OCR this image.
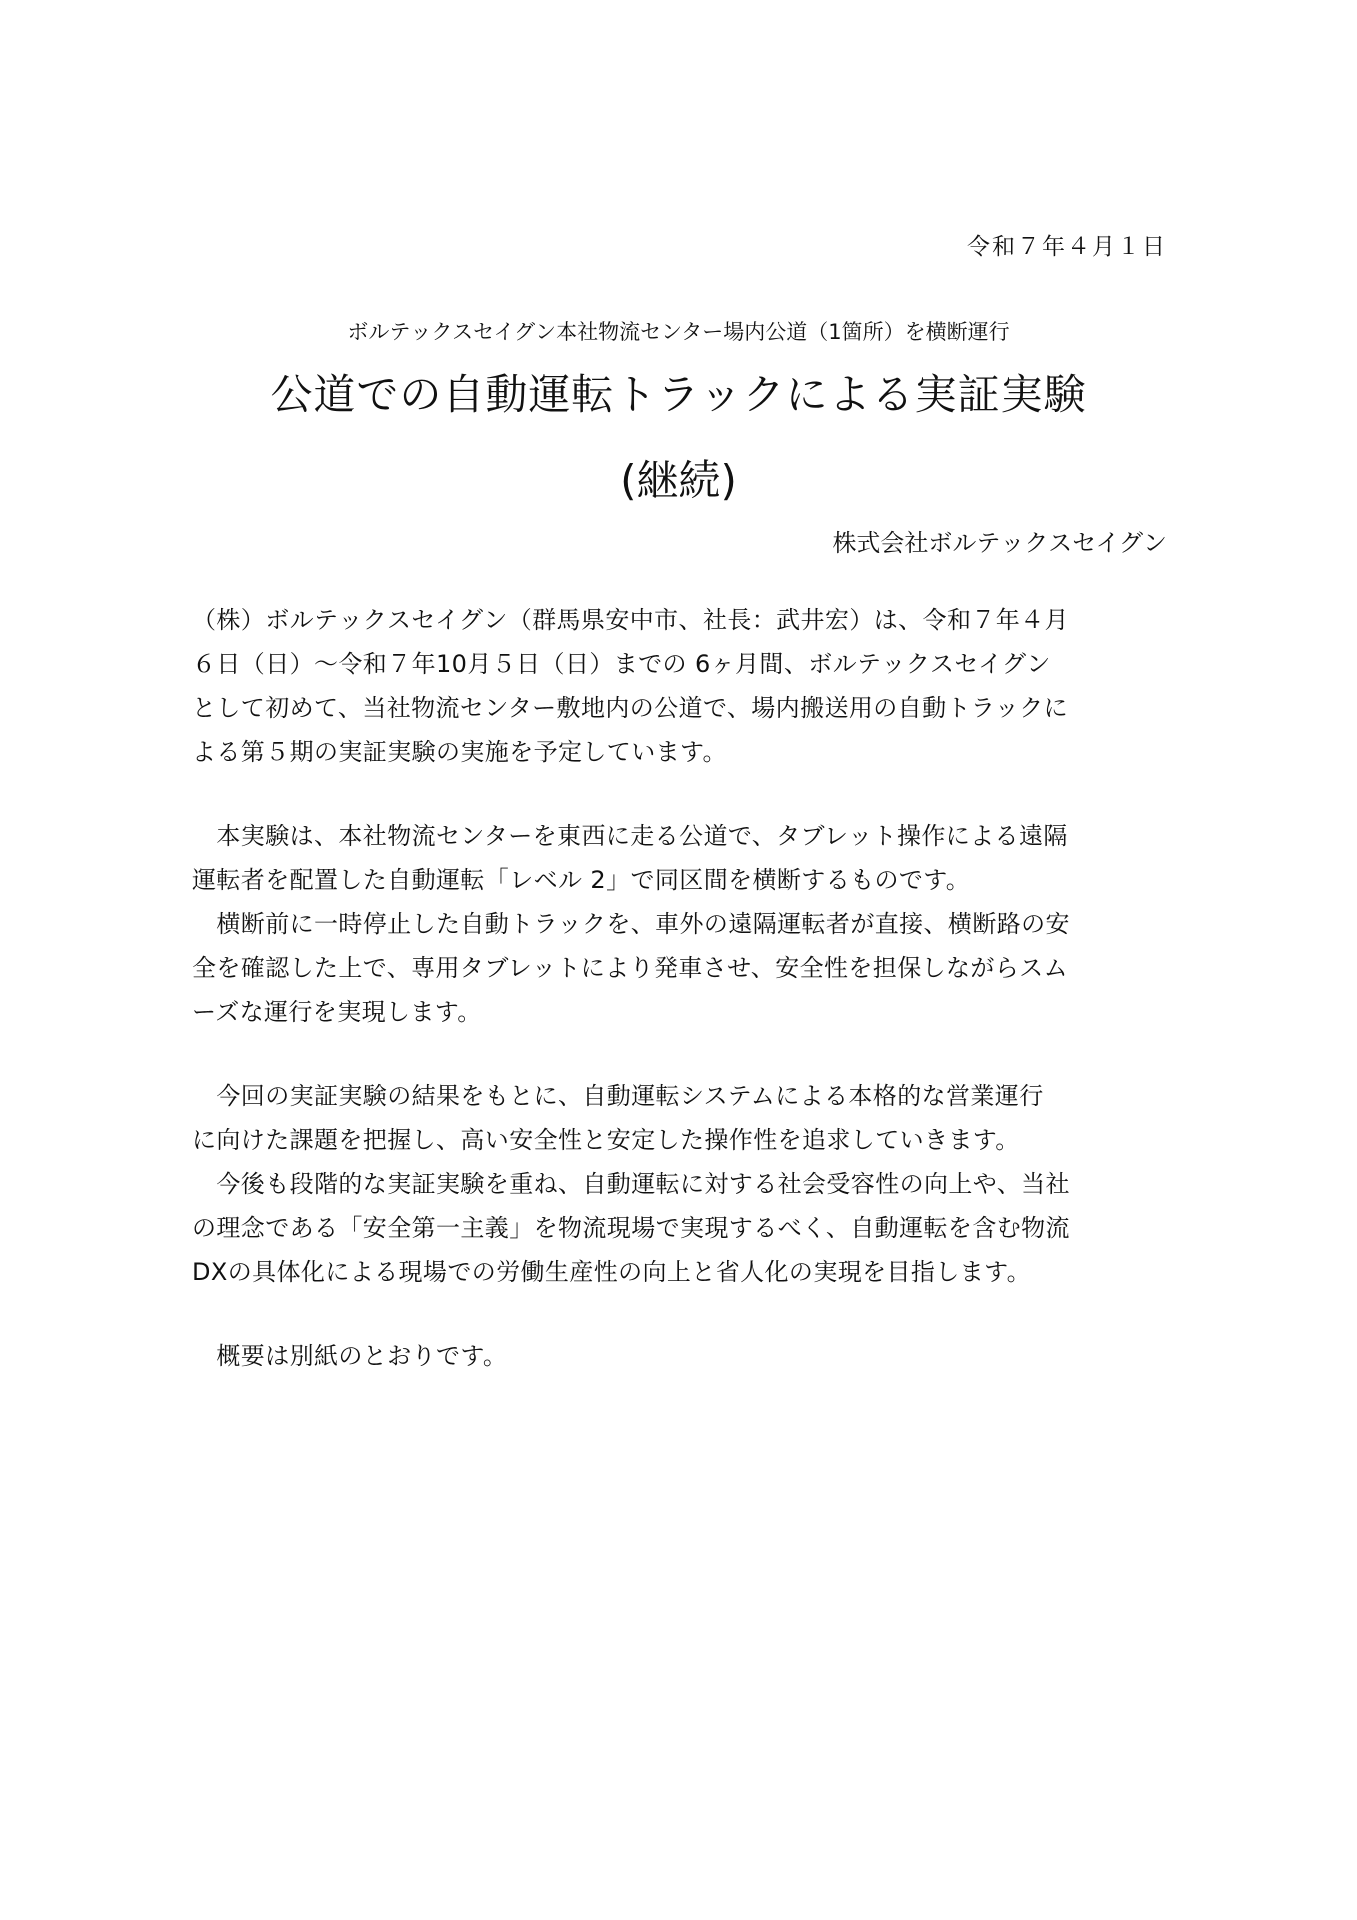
令和７年４月１日
ボルテックスセイグン本社物流センター場内公道（1箇所）を横断運行
公道での自動運転トラックによる実証実験
(継続)
株式会社ボルテックスセイグン
（株）ボルテックスセイグン（群馬県安中市、社長：武井宏）は、令和７年４月
６日（日）～令和７年10月５日（日）までの 6ヶ月間、ボルテックスセイグン
として初めて、当社物流センター敷地内の公道で、場内搬送用の自動トラックに
よる第５期の実証実験の実施を予定しています。
　本実験は、本社物流センターを東西に走る公道で、タブレット操作による遠隔
運転者を配置した自動運転「レベル 2」で同区間を横断するものです。
　横断前に一時停止した自動トラックを、車外の遠隔運転者が直接、横断路の安
全を確認した上で、専用タブレットにより発車させ、安全性を担保しながらスム
ーズな運行を実現します。
　今回の実証実験の結果をもとに、自動運転システムによる本格的な営業運行
に向けた課題を把握し、高い安全性と安定した操作性を追求していきます。
　今後も段階的な実証実験を重ね、自動運転に対する社会受容性の向上や、当社
の理念である「安全第一主義」を物流現場で実現するべく、自動運転を含む物流
DXの具体化による現場での労働生産性の向上と省人化の実現を目指します。
　概要は別紙のとおりです。
